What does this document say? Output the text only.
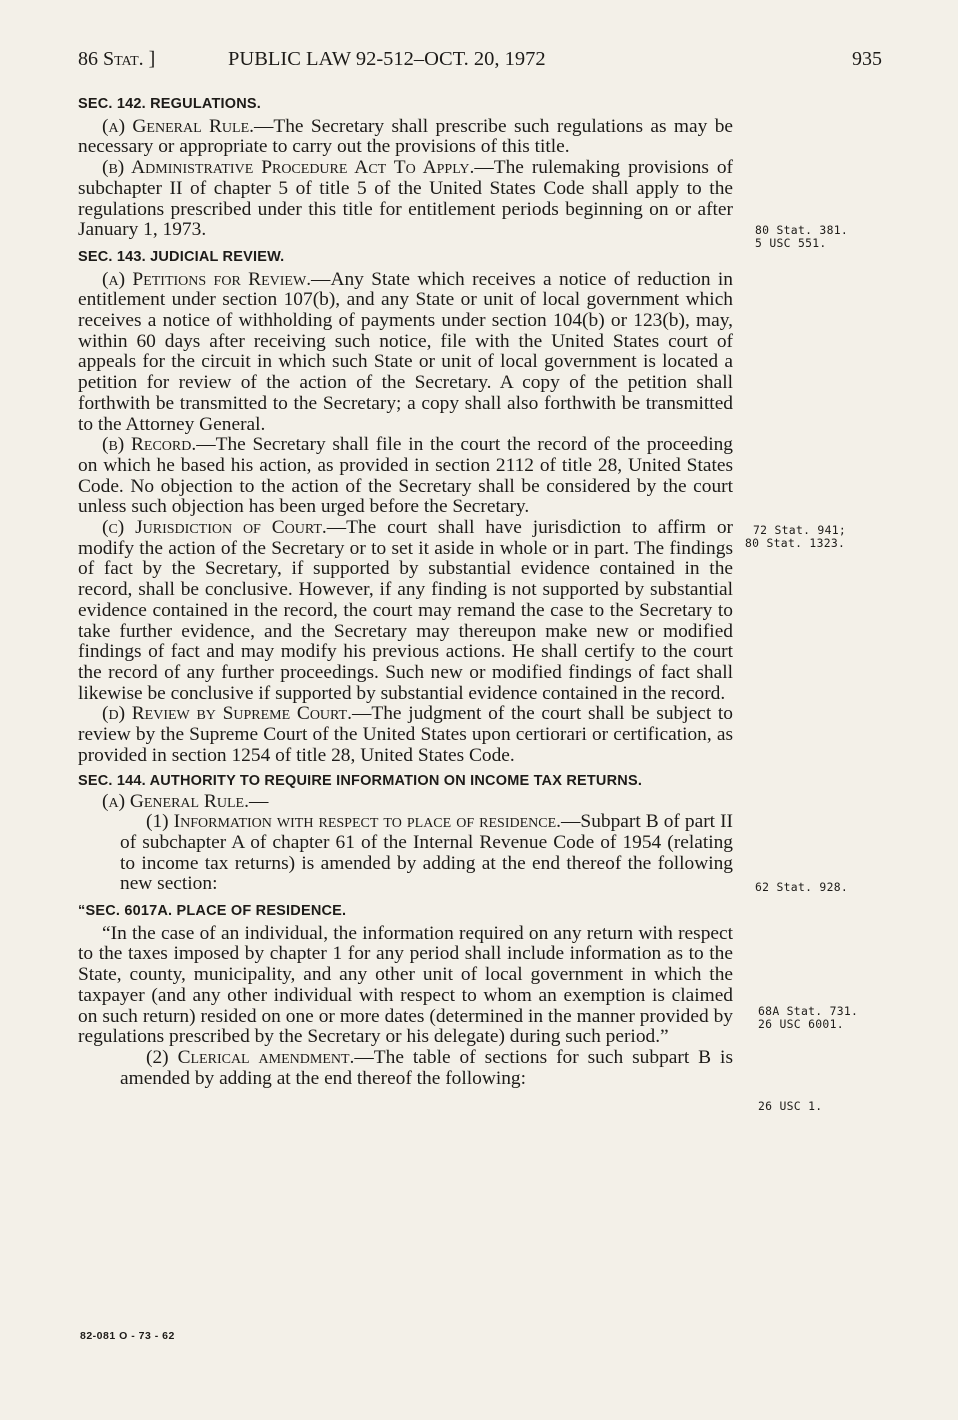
86 Stat. ]	PUBLIC LAW 92-512–OCT. 20, 1972	935

SEC. 142. REGULATIONS.

(a) General Rule.—The Secretary shall prescribe such regulations as may be necessary or appropriate to carry out the provisions of this title.

(b) Administrative Procedure Act To Apply.—The rulemaking provisions of subchapter II of chapter 5 of title 5 of the United States Code shall apply to the regulations prescribed under this title for entitlement periods beginning on or after January 1, 1973.

SEC. 143. JUDICIAL REVIEW.

(a) Petitions for Review.—Any State which receives a notice of reduction in entitlement under section 107(b), and any State or unit of local government which receives a notice of withholding of payments under section 104(b) or 123(b), may, within 60 days after receiving such notice, file with the United States court of appeals for the circuit in which such State or unit of local government is located a petition for review of the action of the Secretary. A copy of the petition shall forthwith be transmitted to the Secretary; a copy shall also forthwith be transmitted to the Attorney General.

(b) Record.—The Secretary shall file in the court the record of the proceeding on which he based his action, as provided in section 2112 of title 28, United States Code. No objection to the action of the Secretary shall be considered by the court unless such objection has been urged before the Secretary.

(c) Jurisdiction of Court.—The court shall have jurisdiction to affirm or modify the action of the Secretary or to set it aside in whole or in part. The findings of fact by the Secretary, if supported by substantial evidence contained in the record, shall be conclusive. However, if any finding is not supported by substantial evidence contained in the record, the court may remand the case to the Secretary to take further evidence, and the Secretary may thereupon make new or modified findings of fact and may modify his previous actions. He shall certify to the court the record of any further proceedings. Such new or modified findings of fact shall likewise be conclusive if supported by substantial evidence contained in the record.

(d) Review by Supreme Court.—The judgment of the court shall be subject to review by the Supreme Court of the United States upon certiorari or certification, as provided in section 1254 of title 28, United States Code.

SEC. 144. AUTHORITY TO REQUIRE INFORMATION ON INCOME TAX RETURNS.

(a) General Rule.—

(1) Information with respect to place of residence.—Subpart B of part II of subchapter A of chapter 61 of the Internal Revenue Code of 1954 (relating to income tax returns) is amended by adding at the end thereof the following new section:

“SEC. 6017A. PLACE OF RESIDENCE.

“In the case of an individual, the information required on any return with respect to the taxes imposed by chapter 1 for any period shall include information as to the State, county, municipality, and any other unit of local government in which the taxpayer (and any other individual with respect to whom an exemption is claimed on such return) resided on one or more dates (determined in the manner provided by regulations prescribed by the Secretary or his delegate) during such period.”

(2) Clerical amendment.—The table of sections for such subpart B is amended by adding at the end thereof the following:

80 Stat. 381.
5 USC 551.
72 Stat. 941;
80 Stat. 1323.
62 Stat. 928.
68A Stat. 731.
26 USC 6001.
26 USC 1.
82-081 O - 73 - 62
